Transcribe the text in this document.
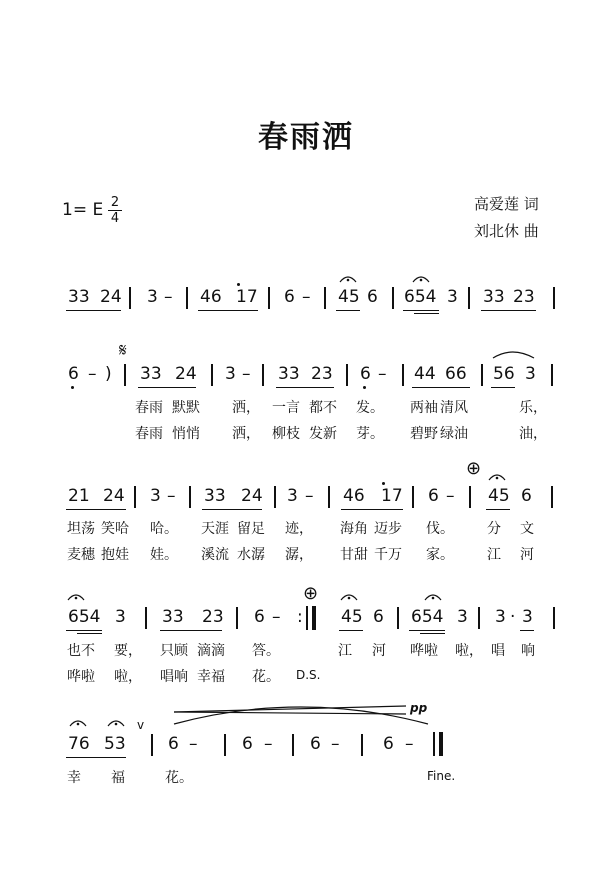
春雨洒
1= E 2
4
高爱莲 词
刘北休 曲
33 24 3 – 46 17 6 – 45 6 654 3 33 23
𝄋
6 – ) 33 24 3 – 33 23 6 – 44 66 56 3
春雨 默默 洒， 一言 都不 发。 两袖 清风	乐，
春雨 悄悄 洒， 柳枝 发新 芽。 碧野 绿油	油，
⊕
21 24 3 – 33 24 3 – 46 17 6 – 45 6
坦荡 笑哈 哈。 天涯 留足 迹， 海角 迈步 伐。 分 文
麦穗 抱娃 娃。 溪流 水潺 潺， 甘甜 千万 家。 江 河
⊕
654 3 33 23 6 – : 45 6 654 3 3 · 3
也不 要， 只顾 滴滴 答。	江 河 哗啦 啦， 唱 响
哗啦 啦， 唱响 幸福 花。 D.S.
pp
76 53
v
6 –	6 – 6 –	6 –
幸 福	花。	Fine.
